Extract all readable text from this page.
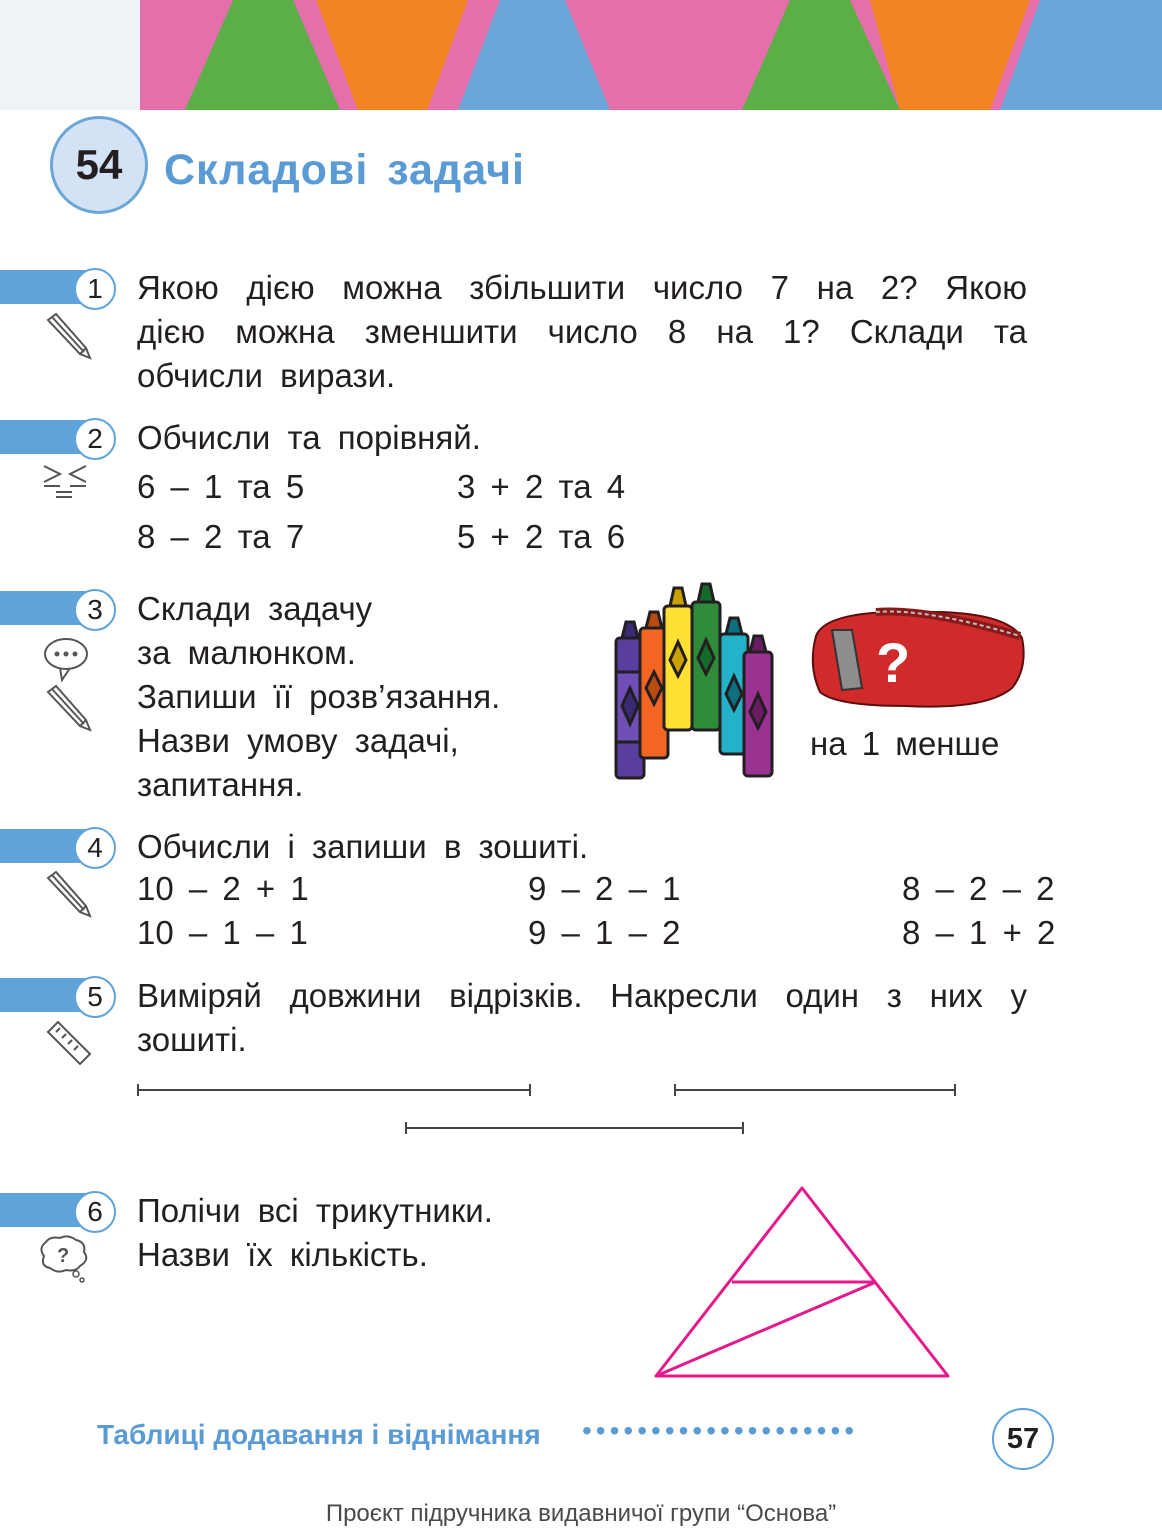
54 Складові задачі
1	Якою дією можна збільшити число 7 на 2? Якою дією можна зменшити число 8 на 1? Склади та обчисли вирази.
2	Обчисли та порівняй.
6 – 1 та 5	3 + 2 та 4
8 – 2 та 7	5 + 2 та 6
3	Склади задачу
за малюнком.
Запиши її розв’язання.
Назви умову задачі,
запитання.
?
на 1 менше
4	Обчисли і запиши в зошиті.
10 – 2 + 1	9 – 2 – 1	8 – 2 – 2
10 – 1 – 1	9 – 1 – 2	8 – 1 + 2
5	Виміряй довжини відрізків. Накресли один з них у зошиті.
6
?
Полічи всі трикутники.
Назви їх кількість.
Таблиці додавання і віднімання ••••••••••••••••••••	57
Проєкт підручника видавничої групи “Основа”
